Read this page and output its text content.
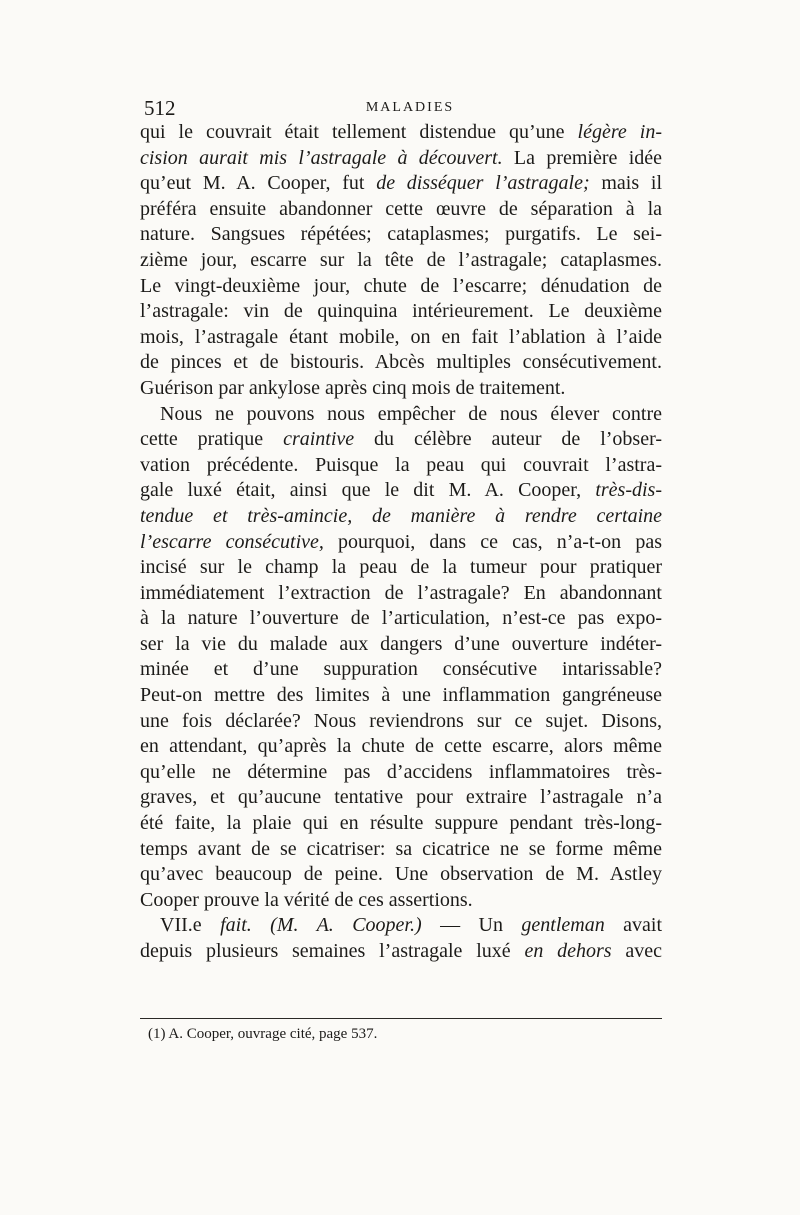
512	MALADIES
qui le couvrait était tellement distendue qu’une légère in-
cision aurait mis l’astragale à découvert. La première idée
qu’eut M. A. Cooper, fut de disséquer l’astragale; mais il
préféra ensuite abandonner cette œuvre de séparation à la
nature. Sangsues répétées; cataplasmes; purgatifs. Le sei-
zième jour, escarre sur la tête de l’astragale; cataplasmes.
Le vingt-deuxième jour, chute de l’escarre; dénudation de
l’astragale: vin de quinquina intérieurement. Le deuxième
mois, l’astragale étant mobile, on en fait l’ablation à l’aide
de pinces et de bistouris. Abcès multiples consécutivement.
Guérison par ankylose après cinq mois de traitement.
Nous ne pouvons nous empêcher de nous élever contre
cette pratique craintive du célèbre auteur de l’obser-
vation précédente. Puisque la peau qui couvrait l’astra-
gale luxé était, ainsi que le dit M. A. Cooper, très-dis-
tendue et très-amincie, de manière à rendre certaine
l’escarre consécutive, pourquoi, dans ce cas, n’a-t-on pas
incisé sur le champ la peau de la tumeur pour pratiquer
immédiatement l’extraction de l’astragale? En abandonnant
à la nature l’ouverture de l’articulation, n’est-ce pas expo-
ser la vie du malade aux dangers d’une ouverture indéter-
minée et d’une suppuration consécutive intarissable?
Peut-on mettre des limites à une inflammation gangréneuse
une fois déclarée? Nous reviendrons sur ce sujet. Disons,
en attendant, qu’après la chute de cette escarre, alors même
qu’elle ne détermine pas d’accidens inflammatoires très-
graves, et qu’aucune tentative pour extraire l’astragale n’a
été faite, la plaie qui en résulte suppure pendant très-long-
temps avant de se cicatriser: sa cicatrice ne se forme même
qu’avec beaucoup de peine. Une observation de M. Astley
Cooper prouve la vérité de ces assertions.
VII.e fait. (M. A. Cooper.) — Un gentleman avait
depuis plusieurs semaines l’astragale luxé en dehors avec
(1) A. Cooper, ouvrage cité, page 537.
